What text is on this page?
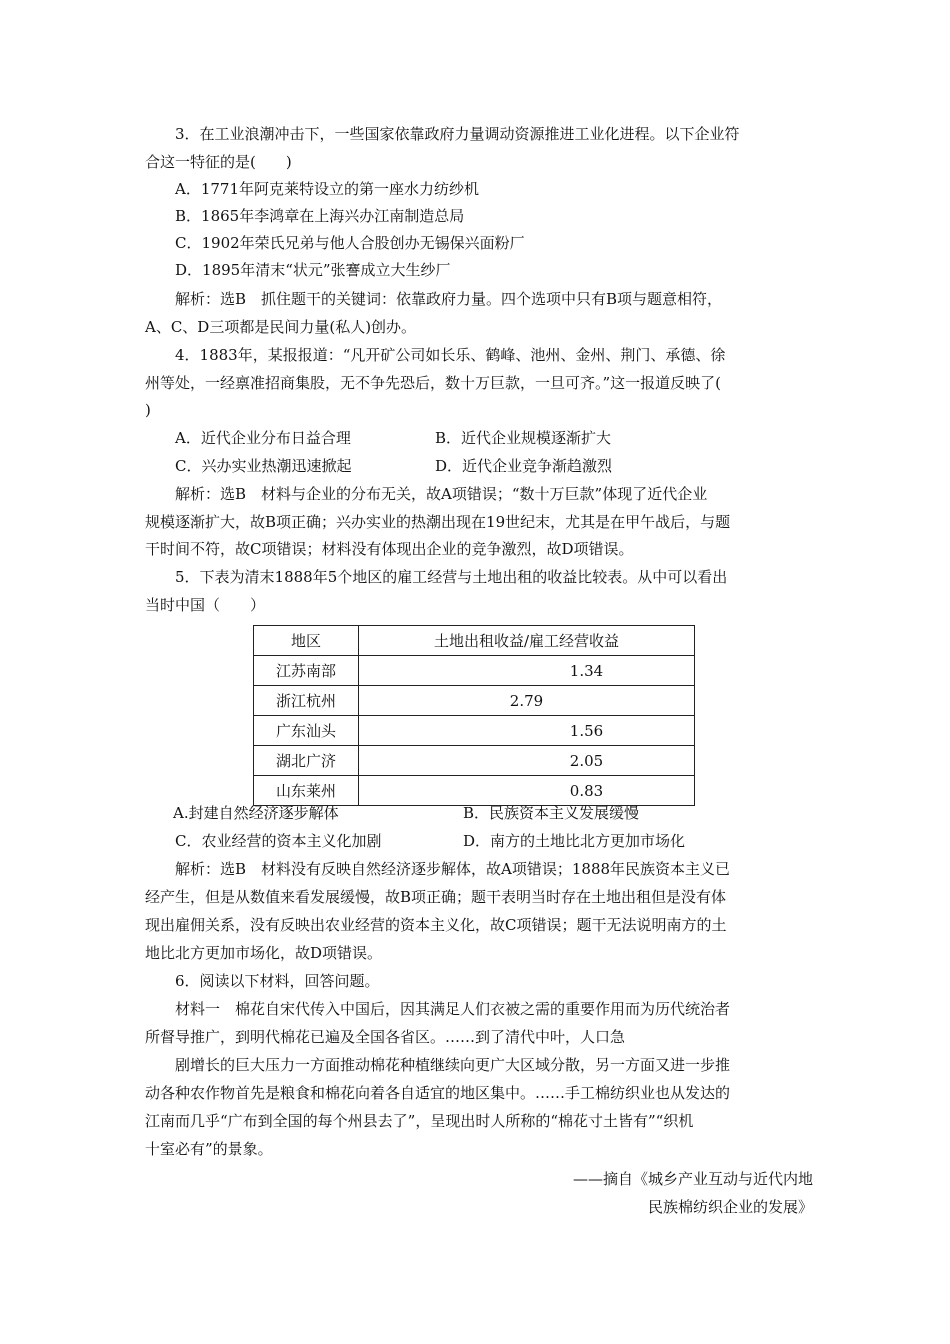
3．在工业浪潮冲击下，一些国家依靠政府力量调动资源推进工业化进程。以下企业符
合这一特征的是(　　)
A．1771年阿克莱特设立的第一座水力纺纱机
B．1865年李鸿章在上海兴办江南制造总局
C．1902年荣氏兄弟与他人合股创办无锡保兴面粉厂
D．1895年清末“状元”张謇成立大生纱厂
解析：选B　抓住题干的关键词：依靠政府力量。四个选项中只有B项与题意相符，
A、C、D三项都是民间力量(私人)创办。
4．1883年，某报报道：“凡开矿公司如长乐、鹤峰、池州、金州、荆门、承德、徐
州等处，一经禀准招商集股，无不争先恐后，数十万巨款，一旦可齐。”这一报道反映了(
)
A．近代企业分布日益合理	B．近代企业规模逐渐扩大
C．兴办实业热潮迅速掀起	D．近代企业竞争渐趋激烈
解析：选B　材料与企业的分布无关，故A项错误；“数十万巨款”体现了近代企业
规模逐渐扩大，故B项正确；兴办实业的热潮出现在19世纪末，尤其是在甲午战后，与题
干时间不符，故C项错误；材料没有体现出企业的竞争激烈，故D项错误。
5．下表为清末1888年5个地区的雇工经营与土地出租的收益比较表。从中可以看出
当时中国（　　）
地区	土地出租收益/雇工经营收益
江苏南部	1.34
浙江杭州	2.79
广东汕头	1.56
湖北广济	2.05
山东莱州	0.83
A.封建自然经济逐步解体	B．民族资本主义发展缓慢
C．农业经营的资本主义化加剧	D．南方的土地比北方更加市场化
解析：选B　材料没有反映自然经济逐步解体，故A项错误；1888年民族资本主义已
经产生，但是从数值来看发展缓慢，故B项正确；题干表明当时存在土地出租但是没有体
现出雇佣关系，没有反映出农业经营的资本主义化，故C项错误；题干无法说明南方的土
地比北方更加市场化，故D项错误。
6．阅读以下材料，回答问题。
材料一　棉花自宋代传入中国后，因其满足人们衣被之需的重要作用而为历代统治者
所督导推广，到明代棉花已遍及全国各省区。……到了清代中叶，人口急
剧增长的巨大压力一方面推动棉花种植继续向更广大区域分散，另一方面又进一步推
动各种农作物首先是粮食和棉花向着各自适宜的地区集中。……手工棉纺织业也从发达的
江南而几乎“广布到全国的每个州县去了”，呈现出时人所称的“棉花寸土皆有”“织机
十室必有”的景象。
——摘自《城乡产业互动与近代内地
民族棉纺织企业的发展》
